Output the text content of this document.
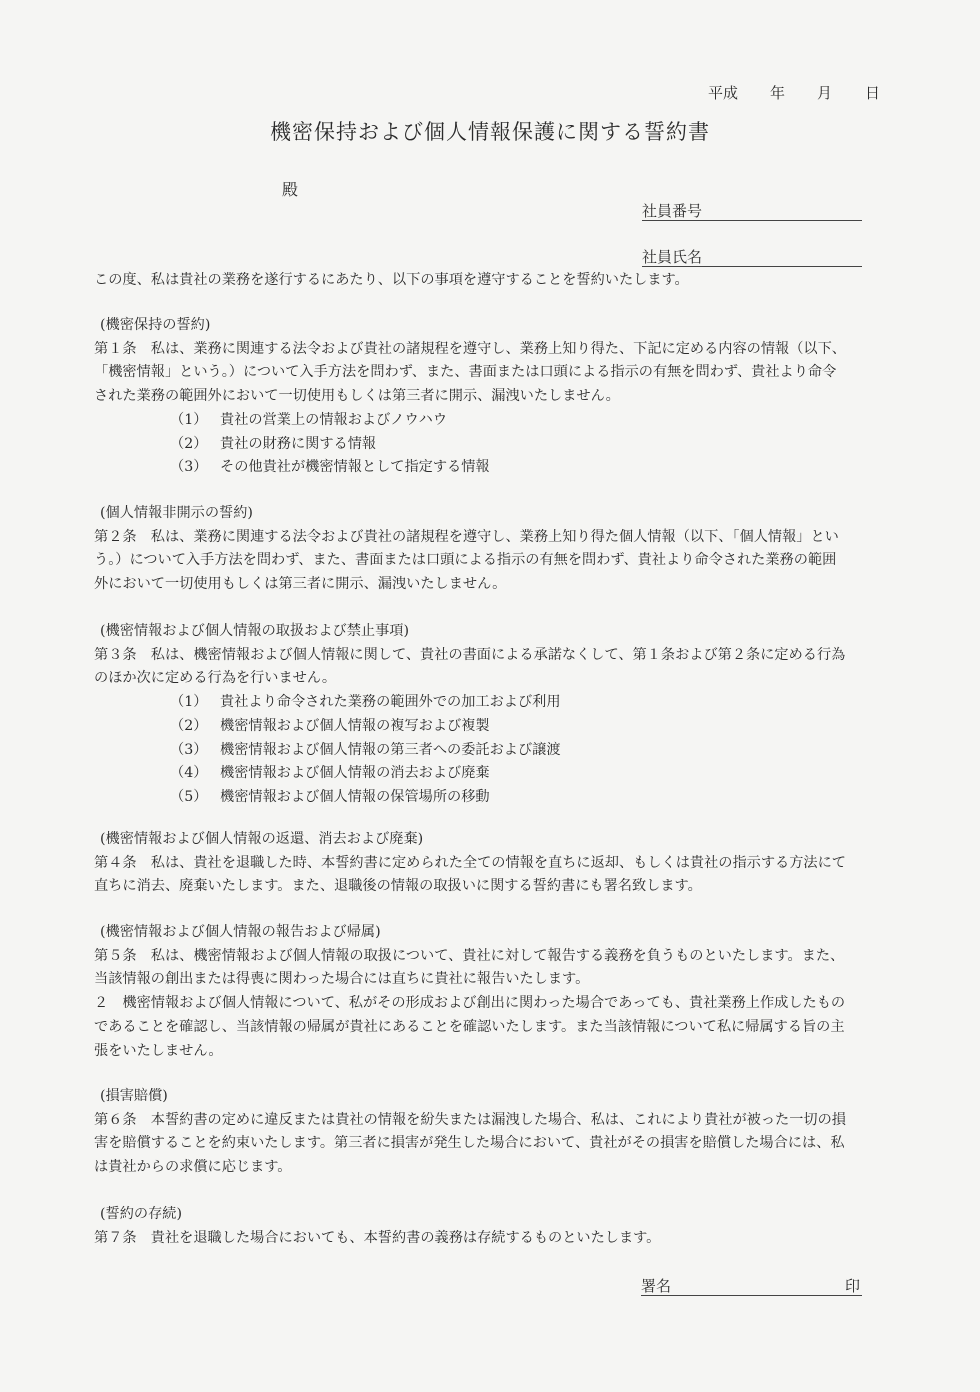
平成 年 月 日
機密保持および個人情報保護に関する誓約書
殿
社員番号
社員氏名
この度、私は貴社の業務を遂行するにあたり、以下の事項を遵守することを誓約いたします。
(機密保持の誓約)
第１条　私は、業務に関連する法令および貴社の諸規程を遵守し、業務上知り得た、下記に定める内容の情報（以下、
「機密情報」という。）について入手方法を問わず、また、書面または口頭による指示の有無を問わず、貴社より命令
された業務の範囲外において一切使用もしくは第三者に開示、漏洩いたしません。
（1） 貴社の営業上の情報およびノウハウ
（2） 貴社の財務に関する情報
（3） その他貴社が機密情報として指定する情報
(個人情報非開示の誓約)
第２条　私は、業務に関連する法令および貴社の諸規程を遵守し、業務上知り得た個人情報（以下、「個人情報」とい
う。）について入手方法を問わず、また、書面または口頭による指示の有無を問わず、貴社より命令された業務の範囲
外において一切使用もしくは第三者に開示、漏洩いたしません。
(機密情報および個人情報の取扱および禁止事項)
第３条　私は、機密情報および個人情報に関して、貴社の書面による承諾なくして、第１条および第２条に定める行為
のほか次に定める行為を行いません。
（1） 貴社より命令された業務の範囲外での加工および利用
（2） 機密情報および個人情報の複写および複製
（3） 機密情報および個人情報の第三者への委託および譲渡
（4） 機密情報および個人情報の消去および廃棄
（5） 機密情報および個人情報の保管場所の移動
(機密情報および個人情報の返還、消去および廃棄)
第４条　私は、貴社を退職した時、本誓約書に定められた全ての情報を直ちに返却、もしくは貴社の指示する方法にて
直ちに消去、廃棄いたします。また、退職後の情報の取扱いに関する誓約書にも署名致します。
(機密情報および個人情報の報告および帰属)
第５条　私は、機密情報および個人情報の取扱について、貴社に対して報告する義務を負うものといたします。また、
当該情報の創出または得喪に関わった場合には直ちに貴社に報告いたします。
２　機密情報および個人情報について、私がその形成および創出に関わった場合であっても、貴社業務上作成したもの
であることを確認し、当該情報の帰属が貴社にあることを確認いたします。また当該情報について私に帰属する旨の主
張をいたしません。
(損害賠償)
第６条　本誓約書の定めに違反または貴社の情報を紛失または漏洩した場合、私は、これにより貴社が被った一切の損
害を賠償することを約束いたします。第三者に損害が発生した場合において、貴社がその損害を賠償した場合には、私
は貴社からの求償に応じます。
(誓約の存続)
第７条　貴社を退職した場合においても、本誓約書の義務は存続するものといたします。
署名	印
